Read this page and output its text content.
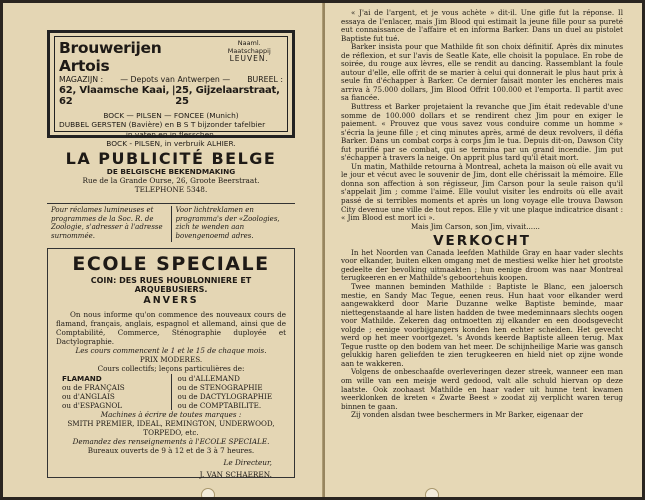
Brouwerijen Artois
Naaml. Maatschappij
LEUVEN.
MAGAZIJN : — Depots van Antwerpen — BUREEL :
62, Vlaamsche Kaai, 62
| 25, Gijzelaarstraat, 25
BOCK — PILSEN — FONCEE (Munich)
DUBBEL GERSTEN (Bavière) en B S T bijzonder tafelbier
in vaten en in flesschen.
BOCK - PILSEN, in verbruik ALHIER.
LA PUBLICITÉ BELGE
DE BELGISCHE BEKENDMAKING
Rue de la Grande Ourse, 26, Groote Beerstraat.
TELEPHONE 5348.
Pour réclames lumineuses et programmes de la Soc. R. de Zoologie, s'adresser à l'adresse surnommée.
Voor lichtreklamen en programma's der «Zoologies, zich te wenden aan bovengenoemd adres.
ECOLE SPECIALE
COIN: DES RUES HOUBLONNIERE ET ARQUEBUSIERS.
ANVERS
On nous informe qu'on commence des nouveaux cours de flamand, français, anglais, espagnol et allemand, ainsi que de Comptabilité, Commerce, Sténographie duployée et Dactylographie.
Les cours commencent le 1 et le 15 de chaque mois.
PRIX MODERES.
Cours collectifs; leçons particulières de:
FLAMAND
ou de FRANÇAIS
ou d'ANGLAIS
ou d'ESPAGNOL
ou d'ALLEMAND
ou de STENOGRAPHIE
ou de DACTYLOGRAPHIE
ou de COMPTABILITE.
Machines à écrire de toutes marques :
SMITH PREMIER, IDEAL, REMINGTON, UNDERWOOD, TORPEDO, etc.
Demandez des renseignements à l'ECOLE SPECIALE.
Bureaux ouverts de 9 à 12 et de 3 à 7 heures.
Le Directeur,
J. VAN SCHAEREN.

« J'ai de l'argent, et je vous achète » dit-il. Une gifle fut la réponse. Il essaya de l'enlacer, mais Jim Blood qui estimait la jeune fille pour sa pureté eut connaissance de l'affaire et en informa Barker. Dans un duel au pistolet Baptiste fut tué.

Barker insista pour que Mathilde fit son choix définitif. Après dix minutes de réflexion, et sur l'avis de Seatle Kate, elle choisit la populace. En robe de soirée, du rouge aux lèvres, elle se rendit au dancing. Rassemblant la foule autour d'elle, elle offrit de se marier à celui qui donnerait le plus haut prix à seule fin d'échapper à Barker. Ce dernier faisait monter les enchères mais arriva à 75.000 dollars, Jim Blood Offrit 100.000 et l'emporta. Il partit avec sa fiancée.

Buttress et Barker projetaient la revanche que Jim était redevable d'une somme de 100.000 dollars et se rendirent chez Jim pour en exiger le paiement. « Prouvez que vous savez vous conduire comme un homme » s'écria la jeune fille ; et cinq minutes après, armé de deux revolvers, il défia Barker. Dans un combat corps à corps Jim le tua. Depuis dit-on, Dawson City fut purifié par se combat, qui se termina par un grand incendie. Jim put s'échapper à travers la neige. On apprit plus tard qu'il était mort.

Un matin, Mathilde retourna à Montreal, acheta la maison où elle avait vu le jour et vécut avec le souvenir de Jim, dont elle chérissait la mémoire. Elle donna son affection à son régisseur, Jim Carson pour la seule raison qu'il s'appelait Jim ; comme l'aimé. Elle voulut visiter les endroits où elle avait passé de si terribles moments et après un long voyage elle trouva Dawson City devenue une ville de tout repos. Elle y vit une plaque indicatrice disant : « Jim Blood est mort ici ».

Mais Jim Carson, son Jim, vivait......

VERKOCHT

In het Noorden van Canada leefden Mathilde Gray en haar vader slechts voor elkander, buiten elken omgang met de mestiesi welke hier het grootste gedeelte der bevolking uitmaakten ; hun eenige droom was naar Montreal terugkeeren en er Mathilde's geboortehuis koopen.

Twee mannen beminden Mathilde : Baptiste le Blanc, een jaloersch mestie, en Sandy Mac Tegue, eenen reus. Hun haat voor elkander werd aangewakkerd door Marie Duzanne welke Baptiste beminde, maar niettegenstaande al hare listen hadden de twee medeminnaars slechts oogen voor Mathilde. Zekeren dag ontmoetten zij elkander en een doodsgevecht volgde ; eenige voorbijgangers konden hen echter scheiden. Het gevecht werd op het meer voortgezet. 's Avonds keerde Baptiste alleen terug. Max Tegue rustte op den bodem van het meer. De schijnheilige Marie was gansch gelukkig haren geliefden te zien terugkeeren en hield niet op zijne wonde aan te wakkeren.

Volgens de onbeschaafde overleveringen dezer streek, wanneer een man om wille van een meisje werd gedood, valt alle schuld hiervan op deze laatste. Ook zoohaast Mathilde en haar vader uit hunne tent kwamen weerklonken de kreten « Zwarte Beest » zoodat zij verplicht waren terug binnen te gaan.

Zij vonden alsdan twee beschermers in Mr Barker, eigenaar der
